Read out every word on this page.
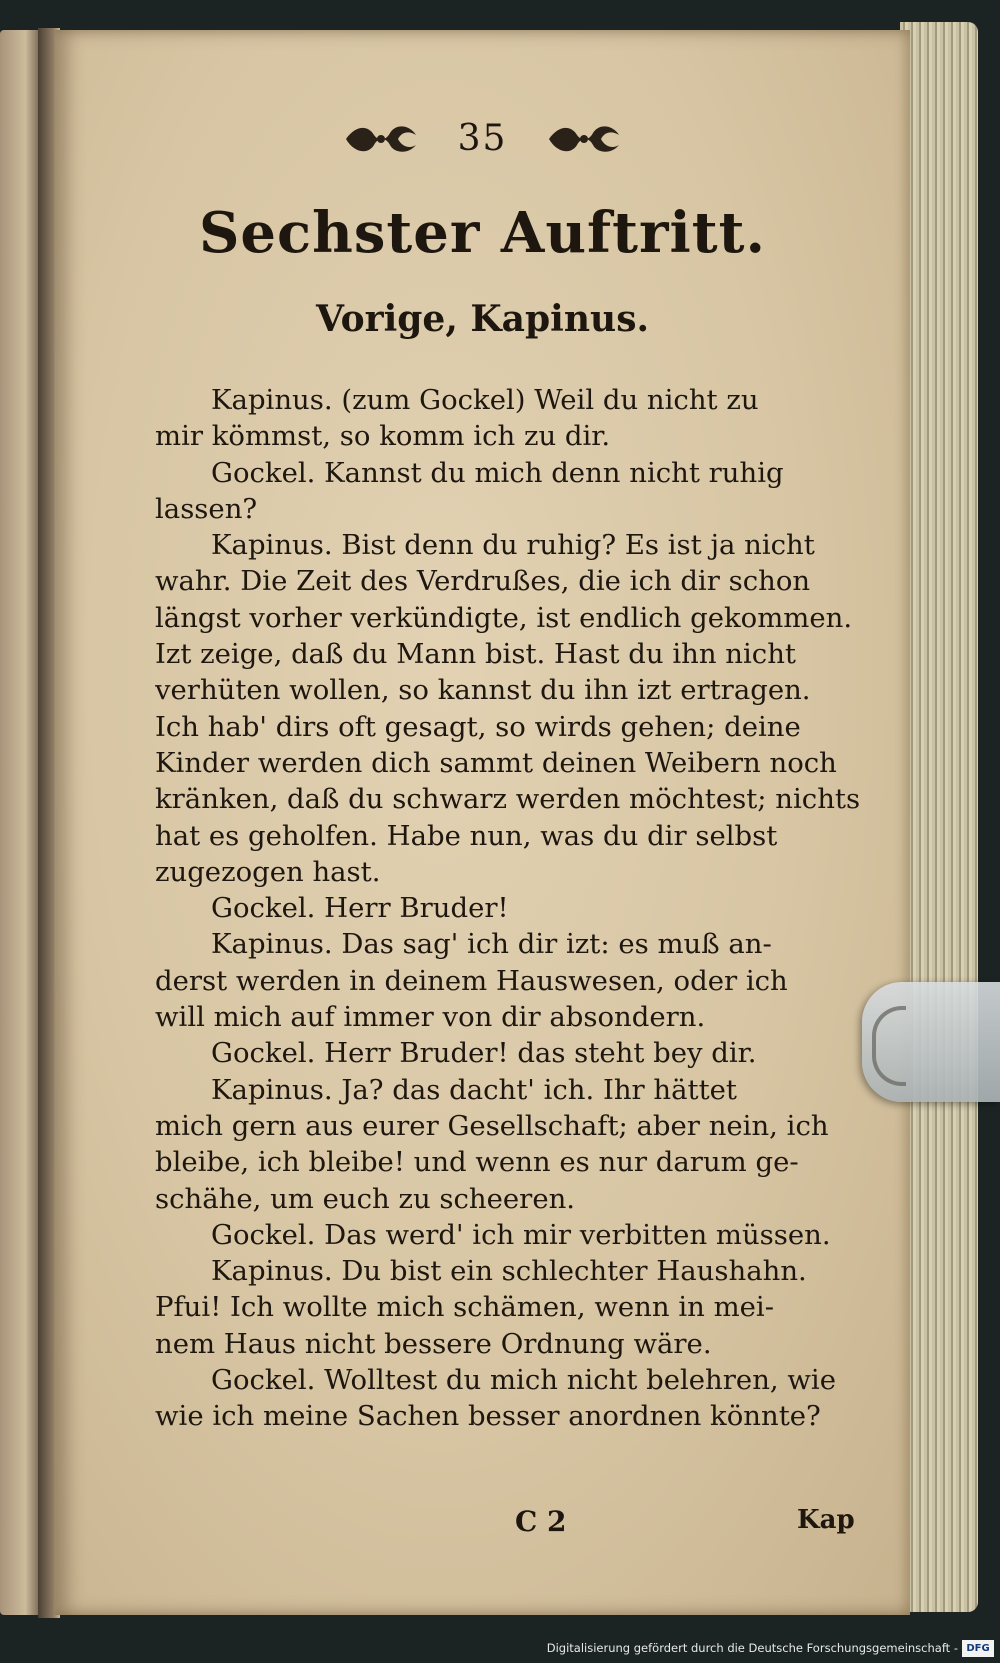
35
Sechster Auftritt.
Vorige, Kapinus.
Kapinus. (zum Gockel) Weil du nicht zu
mir kömmst, so komm ich zu dir.
Gockel. Kannst du mich denn nicht ruhig
lassen?
Kapinus. Bist denn du ruhig? Es ist ja nicht
wahr. Die Zeit des Verdrußes, die ich dir schon
längst vorher verkündigte, ist endlich gekommen.
Izt zeige, daß du Mann bist. Hast du ihn nicht
verhüten wollen, so kannst du ihn izt ertragen.
Ich hab' dirs oft gesagt, so wirds gehen; deine
Kinder werden dich sammt deinen Weibern noch
kränken, daß du schwarz werden möchtest; nichts
hat es geholfen. Habe nun, was du dir selbst
zugezogen hast.
Gockel. Herr Bruder!
Kapinus. Das sag' ich dir izt: es muß an-
derst werden in deinem Hauswesen, oder ich
will mich auf immer von dir absondern.
Gockel. Herr Bruder! das steht bey dir.
Kapinus. Ja? das dacht' ich. Ihr hättet
mich gern aus eurer Gesellschaft; aber nein, ich
bleibe, ich bleibe! und wenn es nur darum ge-
schähe, um euch zu scheeren.
Gockel. Das werd' ich mir verbitten müssen.
Kapinus. Du bist ein schlechter Haushahn.
Pfui! Ich wollte mich schämen, wenn in mei-
nem Haus nicht bessere Ordnung wäre.
Gockel. Wolltest du mich nicht belehren, wie
wie ich meine Sachen besser anordnen könnte?
C 2	Kap
Digitalisierung gefördert durch die Deutsche Forschungsgemeinschaft - DFG
